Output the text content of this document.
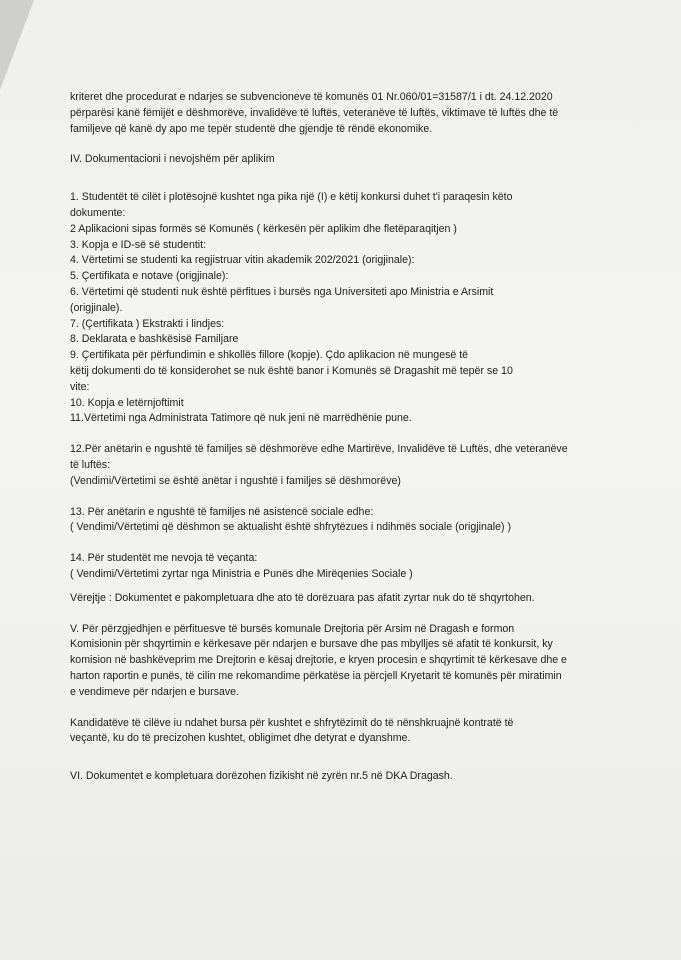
kriteret dhe procedurat e ndarjes se subvencioneve të komunës 01 Nr.060/01=31587/1 i dt. 24.12.2020

përparësi kanë fëmijët e dëshmorëve, invalidëve të luftës, veteranëve të luftës, viktimave të luftës dhe të

familjeve që kanë dy apo me tepër studentë dhe gjendje të rëndë ekonomike.

IV. Dokumentacioni i nevojshëm për aplikim

1. Studentët të cilët i plotësojnë kushtet nga pika një (I) e këtij konkursi duhet t'i paraqesin këto

dokumente:

2 Aplikacioni sipas formës së Komunës ( kërkesën për aplikim dhe fletëparaqitjen )

3. Kopja e ID-së së studentit:

4. Vërtetimi se studenti ka regjistruar vitin akademik 202/2021 (origjinale):

5. Çertifikata e notave (origjinale):

6. Vërtetimi që studenti nuk është përfitues i bursës nga Universiteti apo Ministria e Arsimit

(origjinale).

7. (Çertifikata ) Ekstrakti i lindjes:

8. Deklarata e bashkësisë Familjare

9. Çertifikata për përfundimin e shkollës fillore (kopje). Çdo aplikacion në mungesë të

këtij dokumenti do të konsiderohet se nuk është banor i Komunës së Dragashit më tepër se 10

vite:

10. Kopja e letërnjoftimit

11.Vërtetimi nga Administrata Tatimore që nuk jeni në marrëdhënie pune.

12.Për anëtarin e ngushtë të familjes së dëshmorëve edhe Martirëve, Invalidëve të Luftës, dhe veteranëve

të luftës:

(Vendimi/Vërtetimi se është anëtar i ngushtë i familjes së dëshmorëve)

13. Për anëtarin e ngushtë të familjes në asistencë sociale edhe:

( Vendimi/Vërtetimi që dëshmon se aktualisht është shfrytëzues i ndihmës sociale (origjinale) )

14. Për studentët me nevoja të veçanta:

( Vendimi/Vërtetimi zyrtar nga Ministria e Punës dhe Mirëqenies Sociale )

Vërejtje : Dokumentet e pakompletuara dhe ato të dorëzuara pas afatit zyrtar nuk do të shqyrtohen.

V. Për përzgjedhjen e përfituesve të bursës komunale Drejtoria për Arsim në Dragash e formon

Komisionin për shqyrtimin e kërkesave për ndarjen e bursave dhe pas mbylljes së afatit të konkursit, ky

komision në bashkëveprim me Drejtorin e kësaj drejtorie, e kryen procesin e shqyrtimit të kërkesave dhe e

harton raportin e punës, të cilin me rekomandime përkatëse ia përcjell Kryetarit të komunës për miratimin

e vendimeve për ndarjen e bursave.

Kandidatëve të cilëve iu ndahet bursa për kushtet e shfrytëzimit do të nënshkruajnë kontratë të

veçantë, ku do të precizohen kushtet, obligimet dhe detyrat e dyanshme.

VI. Dokumentet e kompletuara dorëzohen fizikisht në zyrën nr.5 në DKA Dragash.
